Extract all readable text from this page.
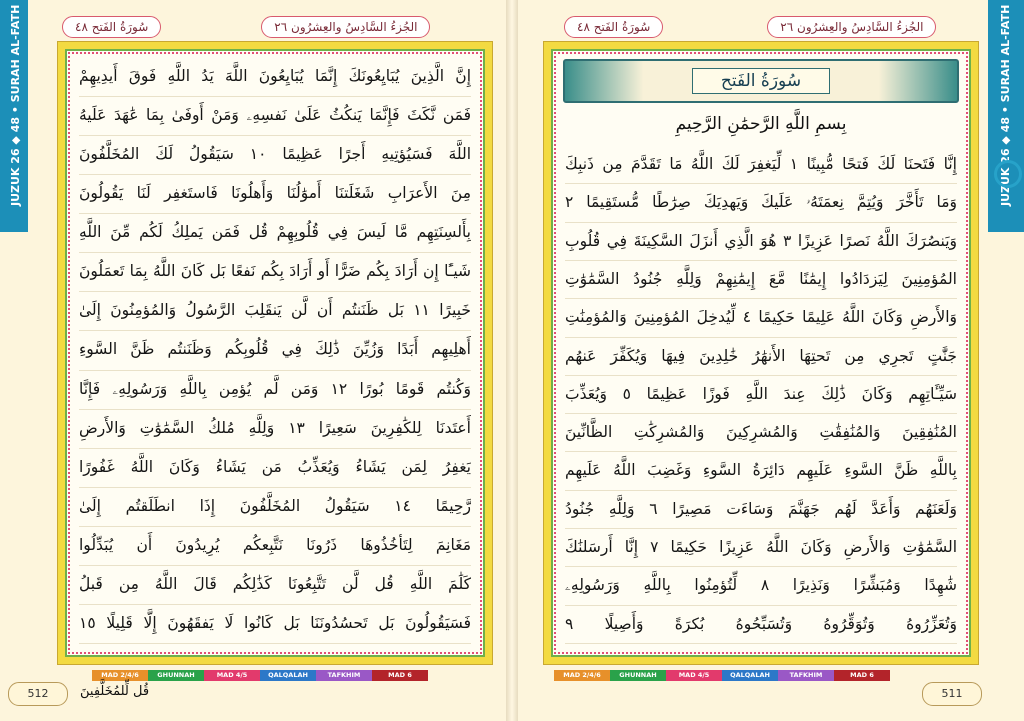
JUZUK 26 ◆ 48 • SURAH AL-FATH	سُورَةُ الفَتح ٤٨	الجُزءُ السَّادِسُ والعِشرُون ٢٦
إِنَّ الَّذِينَ يُبَايِعُونَكَ إِنَّمَا يُبَايِعُونَ اللَّهَ يَدُ اللَّهِ فَوقَ أَيدِيهِمْ
فَمَن نَّكَثَ فَإِنَّمَا يَنكُثُ عَلَىٰ نَفسِهِۦ وَمَنْ أَوفَىٰ بِمَا عَٰهَدَ عَلَيهُ
اللَّهَ فَسَيُؤتِيهِ أَجرًا عَظِيمًا ١٠ سَيَقُولُ لَكَ المُخَلَّفُونَ
مِنَ الأَعرَابِ شَغَلَتنَا أَموَٰلُنَا وَأَهلُونَا فَاستَغفِر لَنَا يَقُولُونَ
بِأَلسِنَتِهِم مَّا لَيسَ فِي قُلُوبِهِمْ قُل فَمَن يَملِكُ لَكُم مِّنَ اللَّهِ
شَيـًٔا إِن أَرَادَ بِكُم ضَرًّا أَو أَرَادَ بِكُم نَفعًا بَل كَانَ اللَّهُ بِمَا تَعمَلُونَ
خَبِيرًا ١١ بَل ظَنَنتُم أَن لَّن يَنقَلِبَ الرَّسُولُ وَالمُؤمِنُونَ إِلَىٰ
أَهلِيهِم أَبَدًا وَزُيِّنَ ذَٰلِكَ فِي قُلُوبِكُم وَظَنَنتُم ظَنَّ السَّوءِ
وَكُنتُم قَومًا بُورًا ١٢ وَمَن لَّم يُؤمِن بِاللَّهِ وَرَسُولِهِۦ فَإِنَّا
أَعتَدنَا لِلكَٰفِرِينَ سَعِيرًا ١٣ وَلِلَّهِ مُلكُ السَّمَٰوَٰتِ وَالأَرضِ
يَغفِرُ لِمَن يَشَاءُ وَيُعَذِّبُ مَن يَشَاءُ وَكَانَ اللَّهُ غَفُورًا
رَّحِيمًا ١٤ سَيَقُولُ المُخَلَّفُونَ إِذَا انطَلَقتُم إِلَىٰ
مَغَانِمَ لِتَأخُذُوهَا ذَرُونَا نَتَّبِعكُم يُرِيدُونَ أَن يُبَدِّلُوا
كَلَٰمَ اللَّهِ قُل لَّن تَتَّبِعُونَا كَذَٰلِكُم قَالَ اللَّهُ مِن قَبلُ
فَسَيَقُولُونَ بَل تَحسُدُونَنَا بَل كَانُوا لَا يَفقَهُونَ إِلَّا قَلِيلًا ١٥
MAD 2/4/6	GHUNNAH	MAD 4/5	QALQALAH	TAFKHIM	MAD 6
512	قُل لِّلمُخَلَّفِينَ
سُورَةُ الفَتح ٤٨	الجُزءُ السَّادِسُ والعِشرُون ٢٦
سُورَةُ الفَتح
بِسمِ اللَّهِ الرَّحمَٰنِ الرَّحِيمِ
إِنَّا فَتَحنَا لَكَ فَتحًا مُّبِينًا ١ لِّيَغفِرَ لَكَ اللَّهُ مَا تَقَدَّمَ مِن ذَنبِكَ
وَمَا تَأَخَّرَ وَيُتِمَّ نِعمَتَهُۥ عَلَيكَ وَيَهدِيَكَ صِرَٰطًا مُّستَقِيمًا ٢
وَيَنصُرَكَ اللَّهُ نَصرًا عَزِيزًا ٣ هُوَ الَّذِي أَنزَلَ السَّكِينَةَ فِي قُلُوبِ
المُؤمِنِينَ لِيَزدَادُوا إِيمَٰنًا مَّعَ إِيمَٰنِهِمْ وَلِلَّهِ جُنُودُ السَّمَٰوَٰتِ
وَالأَرضِ وَكَانَ اللَّهُ عَلِيمًا حَكِيمًا ٤ لِّيُدخِلَ المُؤمِنِينَ وَالمُؤمِنَٰتِ
جَنَّٰتٍ تَجرِي مِن تَحتِهَا الأَنهَٰرُ خَٰلِدِينَ فِيهَا وَيُكَفِّرَ عَنهُم
سَيِّـَٔاتِهِم وَكَانَ ذَٰلِكَ عِندَ اللَّهِ فَوزًا عَظِيمًا ٥ وَيُعَذِّبَ
المُنَٰفِقِينَ وَالمُنَٰفِقَٰتِ وَالمُشرِكِينَ وَالمُشرِكَٰتِ الظَّانِّينَ
بِاللَّهِ ظَنَّ السَّوءِ عَلَيهِم دَائِرَةُ السَّوءِ وَغَضِبَ اللَّهُ عَلَيهِم
وَلَعَنَهُم وَأَعَدَّ لَهُم جَهَنَّمَ وَسَاءَت مَصِيرًا ٦ وَلِلَّهِ جُنُودُ
السَّمَٰوَٰتِ وَالأَرضِ وَكَانَ اللَّهُ عَزِيزًا حَكِيمًا ٧ إِنَّا أَرسَلنَٰكَ
شَٰهِدًا وَمُبَشِّرًا وَنَذِيرًا ٨ لِّتُؤمِنُوا بِاللَّهِ وَرَسُولِهِۦ
وَتُعَزِّرُوهُ وَتُوَقِّرُوهُ وَتُسَبِّحُوهُ بُكرَةً وَأَصِيلًا ٩
MAD 2/4/6	GHUNNAH	MAD 4/5	QALQALAH	TAFKHIM	MAD 6
511
JUZUK 26 ◆ 48 • SURAH AL-FATH
